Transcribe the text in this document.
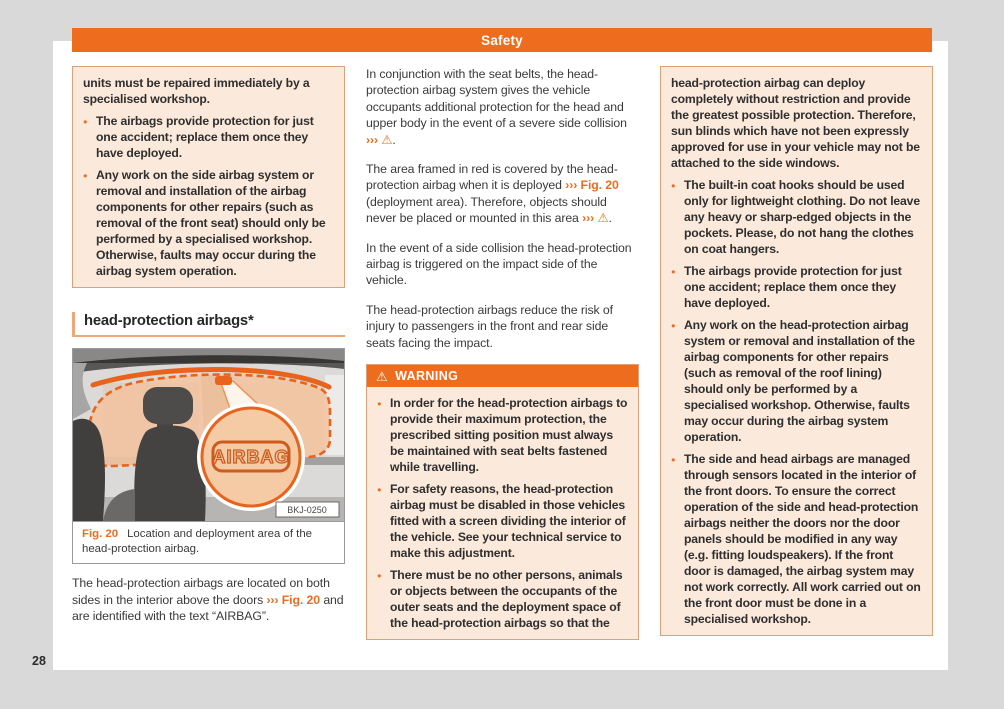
Safety

units must be repaired immediately by a specialised workshop.

● The airbags provide protection for just one accident; replace them once they have deployed.
● Any work on the side airbag system or removal and installation of the airbag components for other repairs (such as removal of the front seat) should only be performed by a specialised workshop. Otherwise, faults may occur during the airbag system operation.
head-protection airbags*
AIRBAG
BKJ-0250
Fig. 20 Location and deployment area of the head-protection airbag.

The head-protection airbags are located on both sides in the interior above the doors ››› Fig. 20 and are identified with the text “AIRBAG”.

In conjunction with the seat belts, the head-protection airbag system gives the vehicle occupants additional protection for the head and upper body in the event of a severe side collision ››› ⚠.

The area framed in red is covered by the head-protection airbag when it is deployed ››› Fig. 20 (deployment area). Therefore, objects should never be placed or mounted in this area ››› ⚠.

In the event of a side collision the head-protection airbag is triggered on the impact side of the vehicle.

The head-protection airbags reduce the risk of injury to passengers in the front and rear side seats facing the impact.

⚠ WARNING
● In order for the head-protection airbags to provide their maximum protection, the prescribed sitting position must always be maintained with seat belts fastened while travelling.
● For safety reasons, the head-protection airbag must be disabled in those vehicles fitted with a screen dividing the interior of the vehicle. See your technical service to make this adjustment.
● There must be no other persons, animals or objects between the occupants of the outer seats and the deployment space of the head-protection airbags so that the

head-protection airbag can deploy completely without restriction and provide the greatest possible protection. Therefore, sun blinds which have not been expressly approved for use in your vehicle may not be attached to the side windows.

● The built-in coat hooks should be used only for lightweight clothing. Do not leave any heavy or sharp-edged objects in the pockets. Please, do not hang the clothes on coat hangers.
● The airbags provide protection for just one accident; replace them once they have deployed.
● Any work on the head-protection airbag system or removal and installation of the airbag components for other repairs (such as removal of the roof lining) should only be performed by a specialised workshop. Otherwise, faults may occur during the airbag system operation.
● The side and head airbags are managed through sensors located in the interior of the front doors. To ensure the correct operation of the side and head-protection airbags neither the doors nor the door panels should be modified in any way (e.g. fitting loudspeakers). If the front door is damaged, the airbag system may not work correctly. All work carried out on the front door must be done in a specialised workshop.
28
